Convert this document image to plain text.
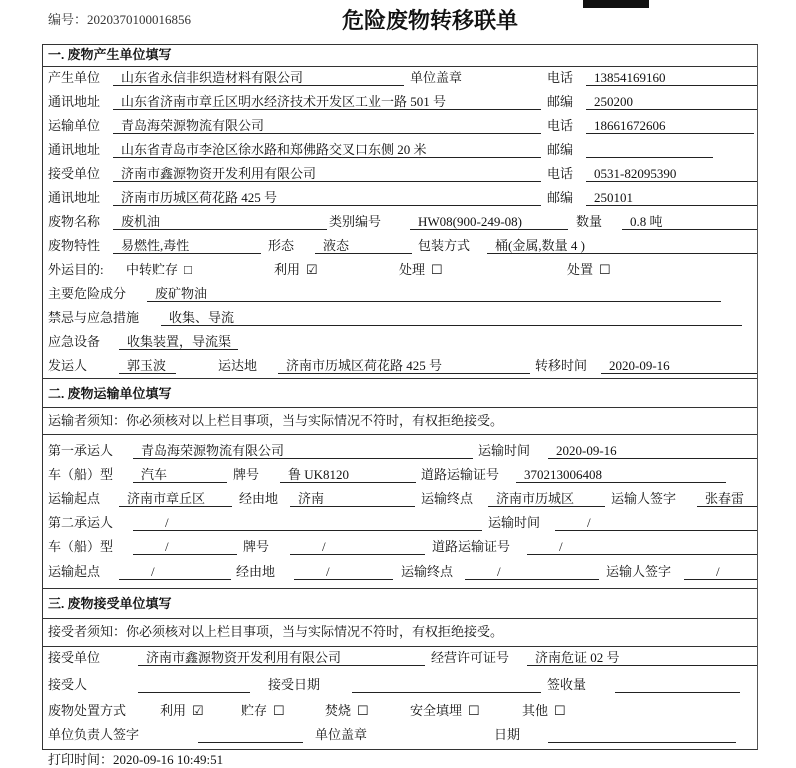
编号：2020370100016856	危险废物转移联单
打印时间：2020-09-16 10:49:51
一. 废物产生单位填写
产生单位	山东省永信非织造材料有限公司	单位盖章	电话	13854169160
通讯地址	山东省济南市章丘区明水经济技术开发区工业一路 501 号	邮编	250200
运输单位	青岛海荣源物流有限公司	电话	18661672606
通讯地址	山东省青岛市李沧区徐水路和郑佛路交叉口东侧 20 米	邮编
接受单位	济南市鑫源物资开发利用有限公司	电话	0531-82095390
通讯地址	济南市历城区荷花路 425 号	邮编	250101
废物名称	废机油	类别编号	HW08(900-249-08)	数量	0.8 吨
废物特性	易燃性,毒性	形态	液态	包装方式	桶(金属,数量 4 )
外运目的: 中转贮存 □	利用 ☑	处理 ☐	处置 ☐
主要危险成分	废矿物油
禁忌与应急措施	收集、导流
应急设备	收集装置，导流渠
发运人	郭玉波	运达地	济南市历城区荷花路 425 号	转移时间	2020-09-16
二. 废物运输单位填写
运输者须知：你必须核对以上栏目事项，当与实际情况不符时，有权拒绝接受。
第一承运人	青岛海荣源物流有限公司	运输时间	2020-09-16
车（船）型	汽车	牌号	鲁 UK8120	道路运输证号	370213006408
运输起点	济南市章丘区	经由地	济南	运输终点	济南市历城区	运输人签字	张春雷
第二承运人	/	运输时间	/
车（船）型	/	牌号	/	道路运输证号	/
运输起点	/	经由地	/	运输终点	/	运输人签字	/
三. 废物接受单位填写
接受者须知：你必须核对以上栏目事项，当与实际情况不符时，有权拒绝接受。
接受单位	济南市鑫源物资开发利用有限公司	经营许可证号	济南危证 02 号
接受人	接受日期	签收量
废物处置方式	利用 ☑	贮存 ☐	焚烧 ☐	安全填埋 ☐	其他 ☐
单位负责人签字	单位盖章	日期
